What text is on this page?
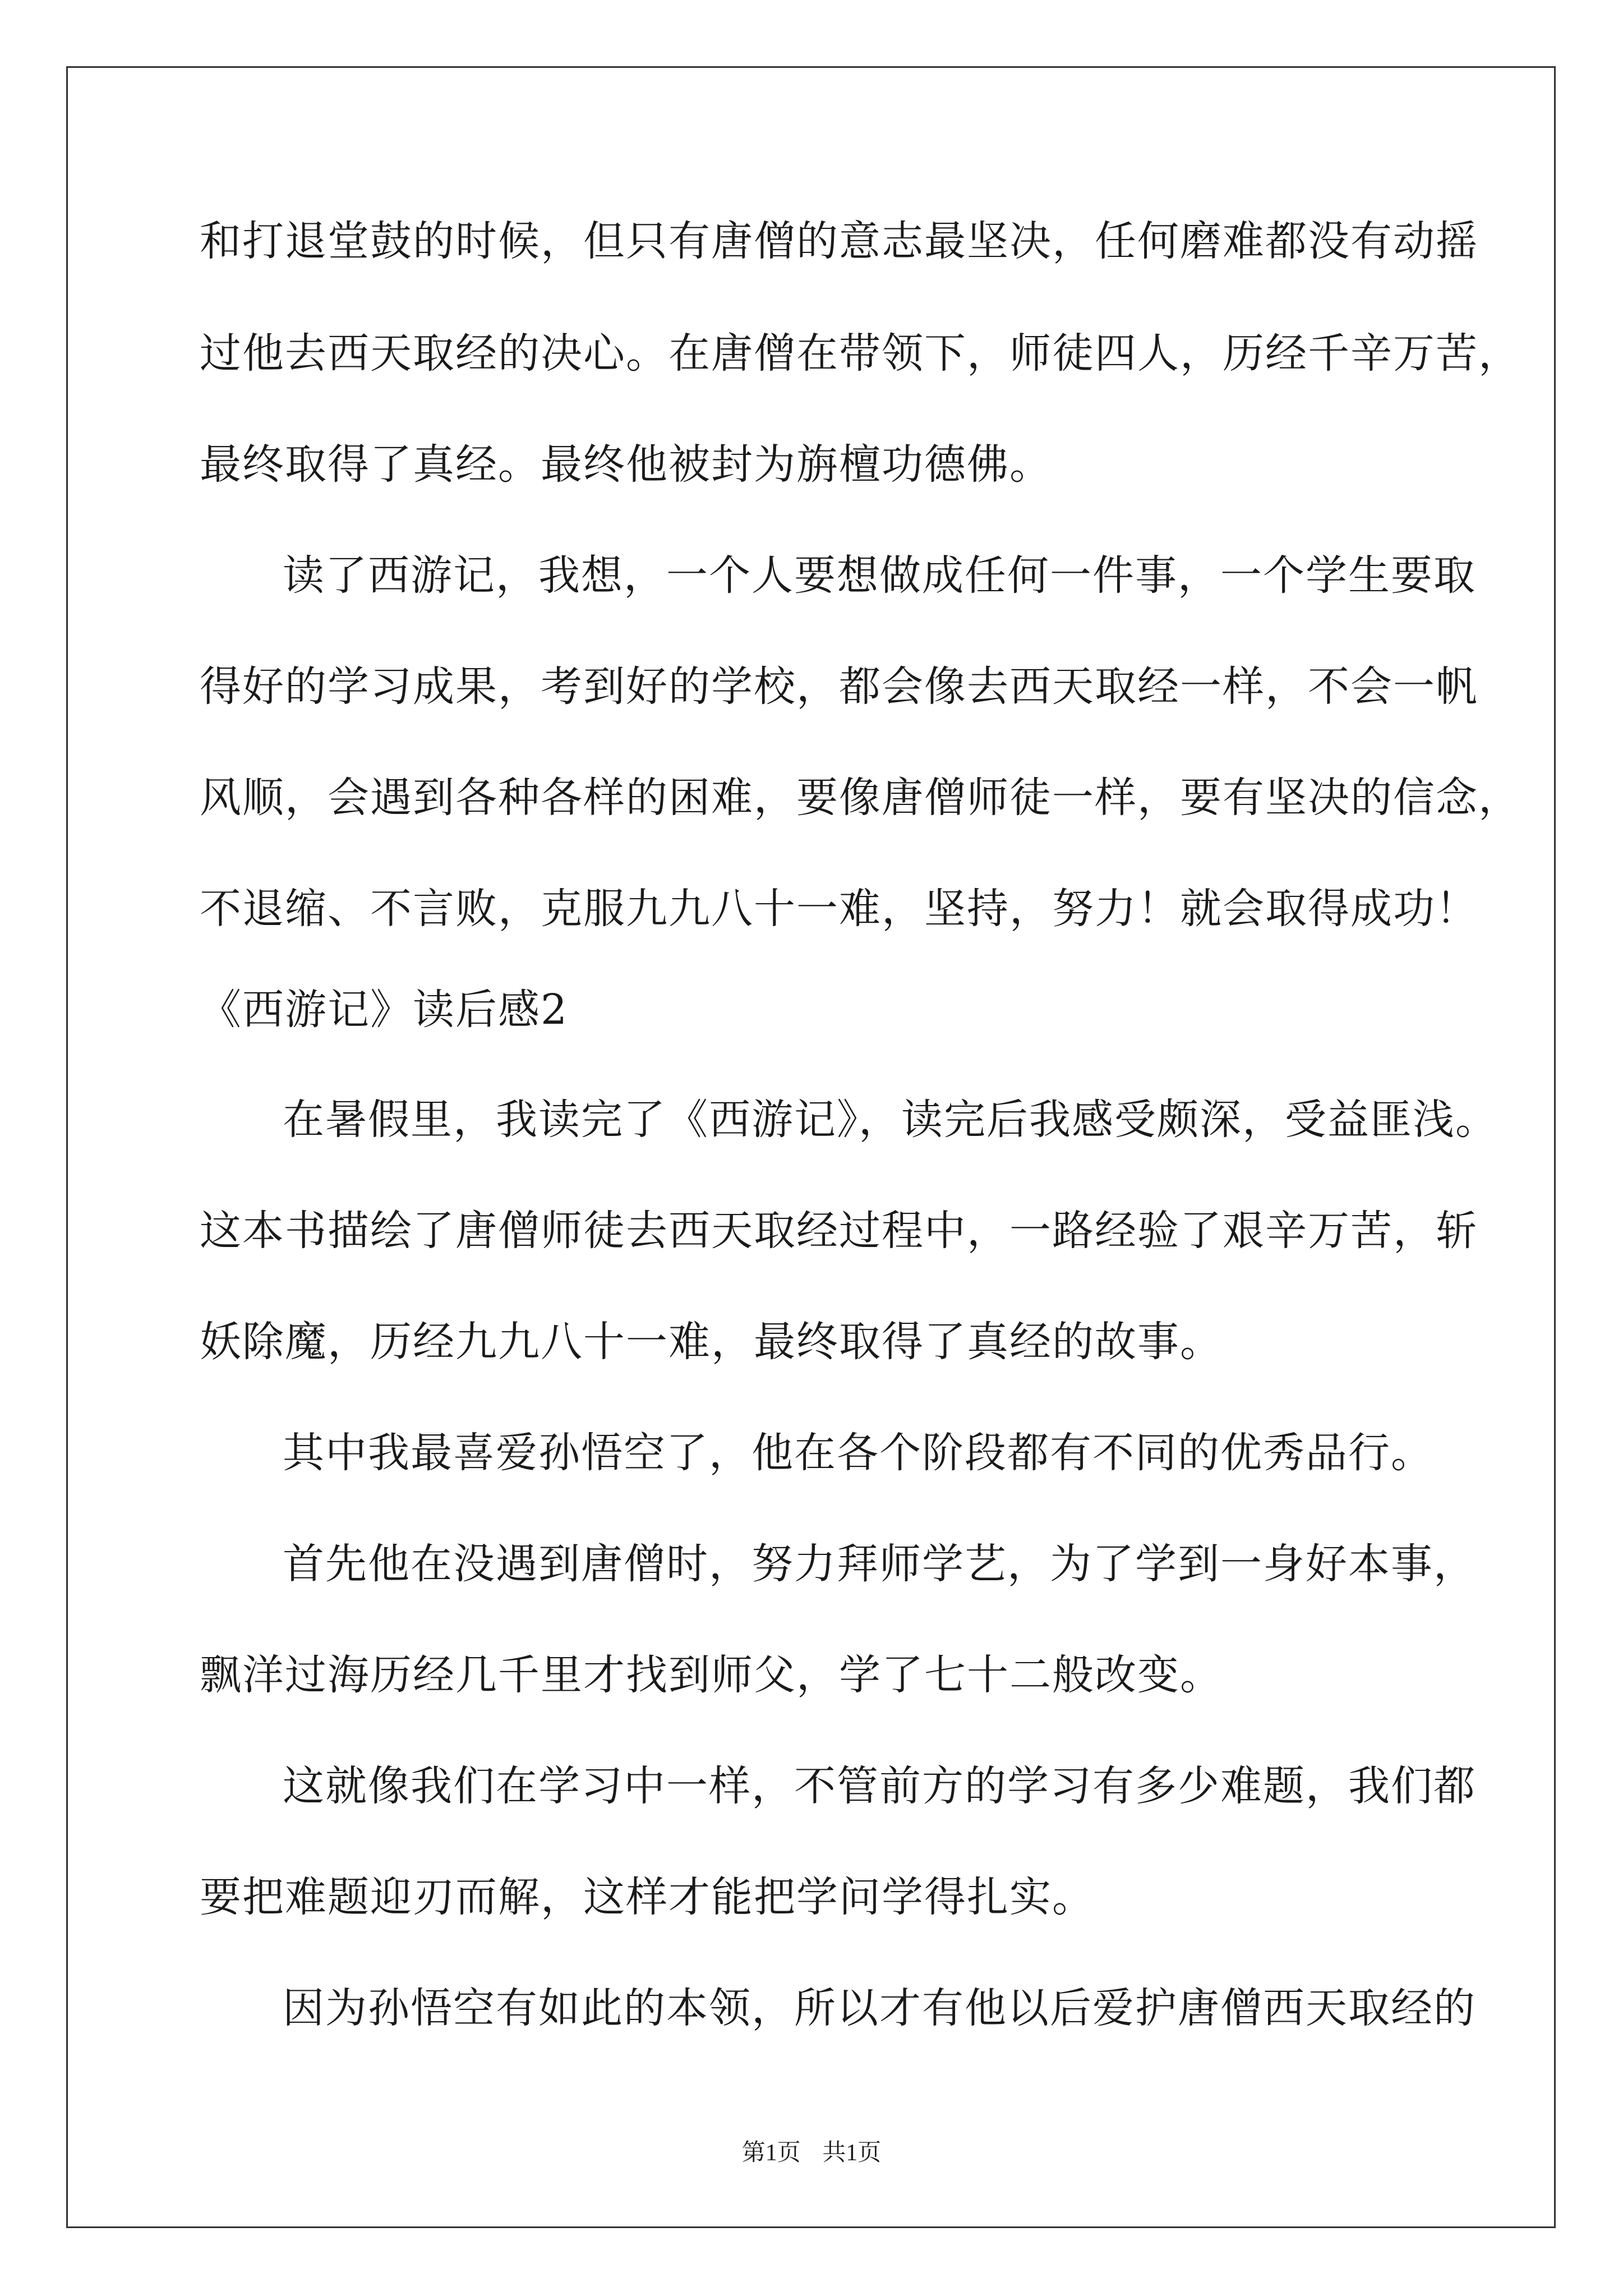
和打退堂鼓的时候，但只有唐僧的意志最坚决，任何磨难都没有动摇
过他去西天取经的决心。在唐僧在带领下，师徒四人，历经千辛万苦，
最终取得了真经。最终他被封为旃檀功德佛。
读了西游记，我想，一个人要想做成任何一件事，一个学生要取
得好的学习成果，考到好的学校，都会像去西天取经一样，不会一帆
风顺，会遇到各种各样的困难，要像唐僧师徒一样，要有坚决的信念，
不退缩、不言败，克服九九八十一难，坚持，努力！就会取得成功！
《西游记》读后感2
在暑假里，我读完了《西游记》，读完后我感受颇深，受益匪浅。
这本书描绘了唐僧师徒去西天取经过程中，一路经验了艰辛万苦，斩
妖除魔，历经九九八十一难，最终取得了真经的故事。
其中我最喜爱孙悟空了，他在各个阶段都有不同的优秀品行。
首先他在没遇到唐僧时，努力拜师学艺，为了学到一身好本事，
飘洋过海历经几千里才找到师父，学了七十二般改变。
这就像我们在学习中一样，不管前方的学习有多少难题，我们都
要把难题迎刃而解，这样才能把学问学得扎实。
因为孙悟空有如此的本领，所以才有他以后爱护唐僧西天取经的
第1页 共1页
